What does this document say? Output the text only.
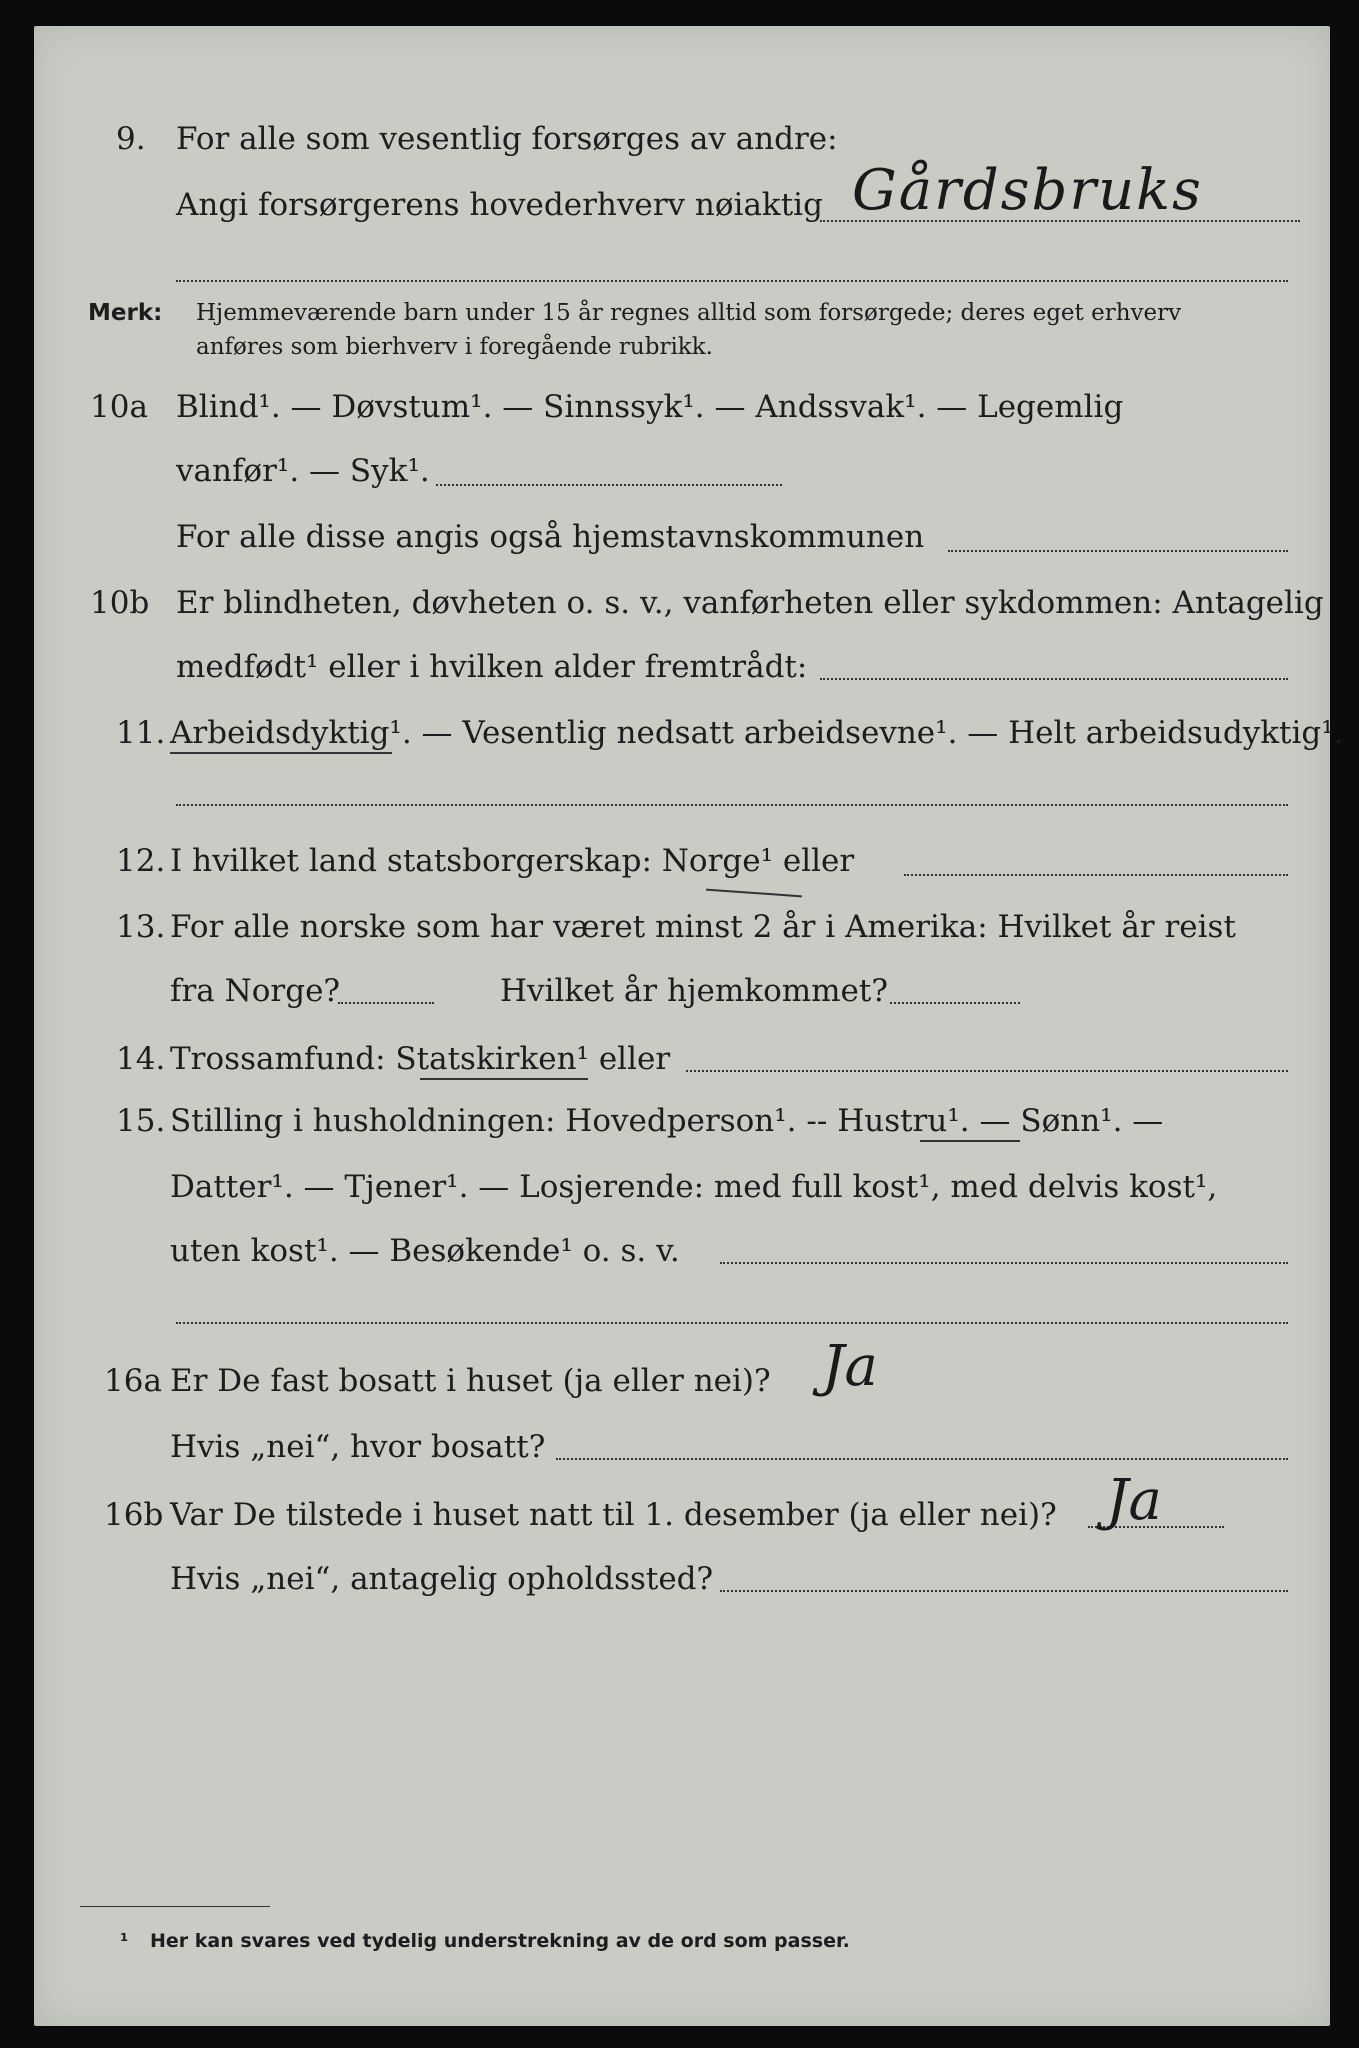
9. For alle som vesentlig forsørges av andre:
Angi forsørgerens hovederhverv nøiaktig Gårdsbruks
Merk: Hjemmeværende barn under 15 år regnes alltid som forsørgede; deres eget erhverv
anføres som bierhverv i foregående rubrikk.
10a Blind¹. — Døvstum¹. — Sinnssyk¹. — Andssvak¹. — Legemlig
vanfør¹. — Syk¹.
For alle disse angis også hjemstavnskommunen
10b Er blindheten, døvheten o. s. v., vanførheten eller sykdommen: Antagelig
medfødt¹ eller i hvilken alder fremtrådt:
11. Arbeidsdyktig¹. — Vesentlig nedsatt arbeidsevne¹. — Helt arbeidsudyktig¹.
12. I hvilket land statsborgerskap: Norge¹ eller
13. For alle norske som har været minst 2 år i Amerika: Hvilket år reist
fra Norge?	Hvilket år hjemkommet?
14. Trossamfund: Statskirken¹ eller
15. Stilling i husholdningen: Hovedperson¹. -- Hustru¹. — Sønn¹. —
Datter¹. — Tjener¹. — Losjerende: med full kost¹, med delvis kost¹,
uten kost¹. — Besøkende¹ o. s. v.
16a Er De fast bosatt i huset (ja eller nei)? Ja
Hvis „nei“, hvor bosatt?
16b Var De tilstede i huset natt til 1. desember (ja eller nei)? Ja
Hvis „nei“, antagelig opholdssted?
¹ Her kan svares ved tydelig understrekning av de ord som passer.
